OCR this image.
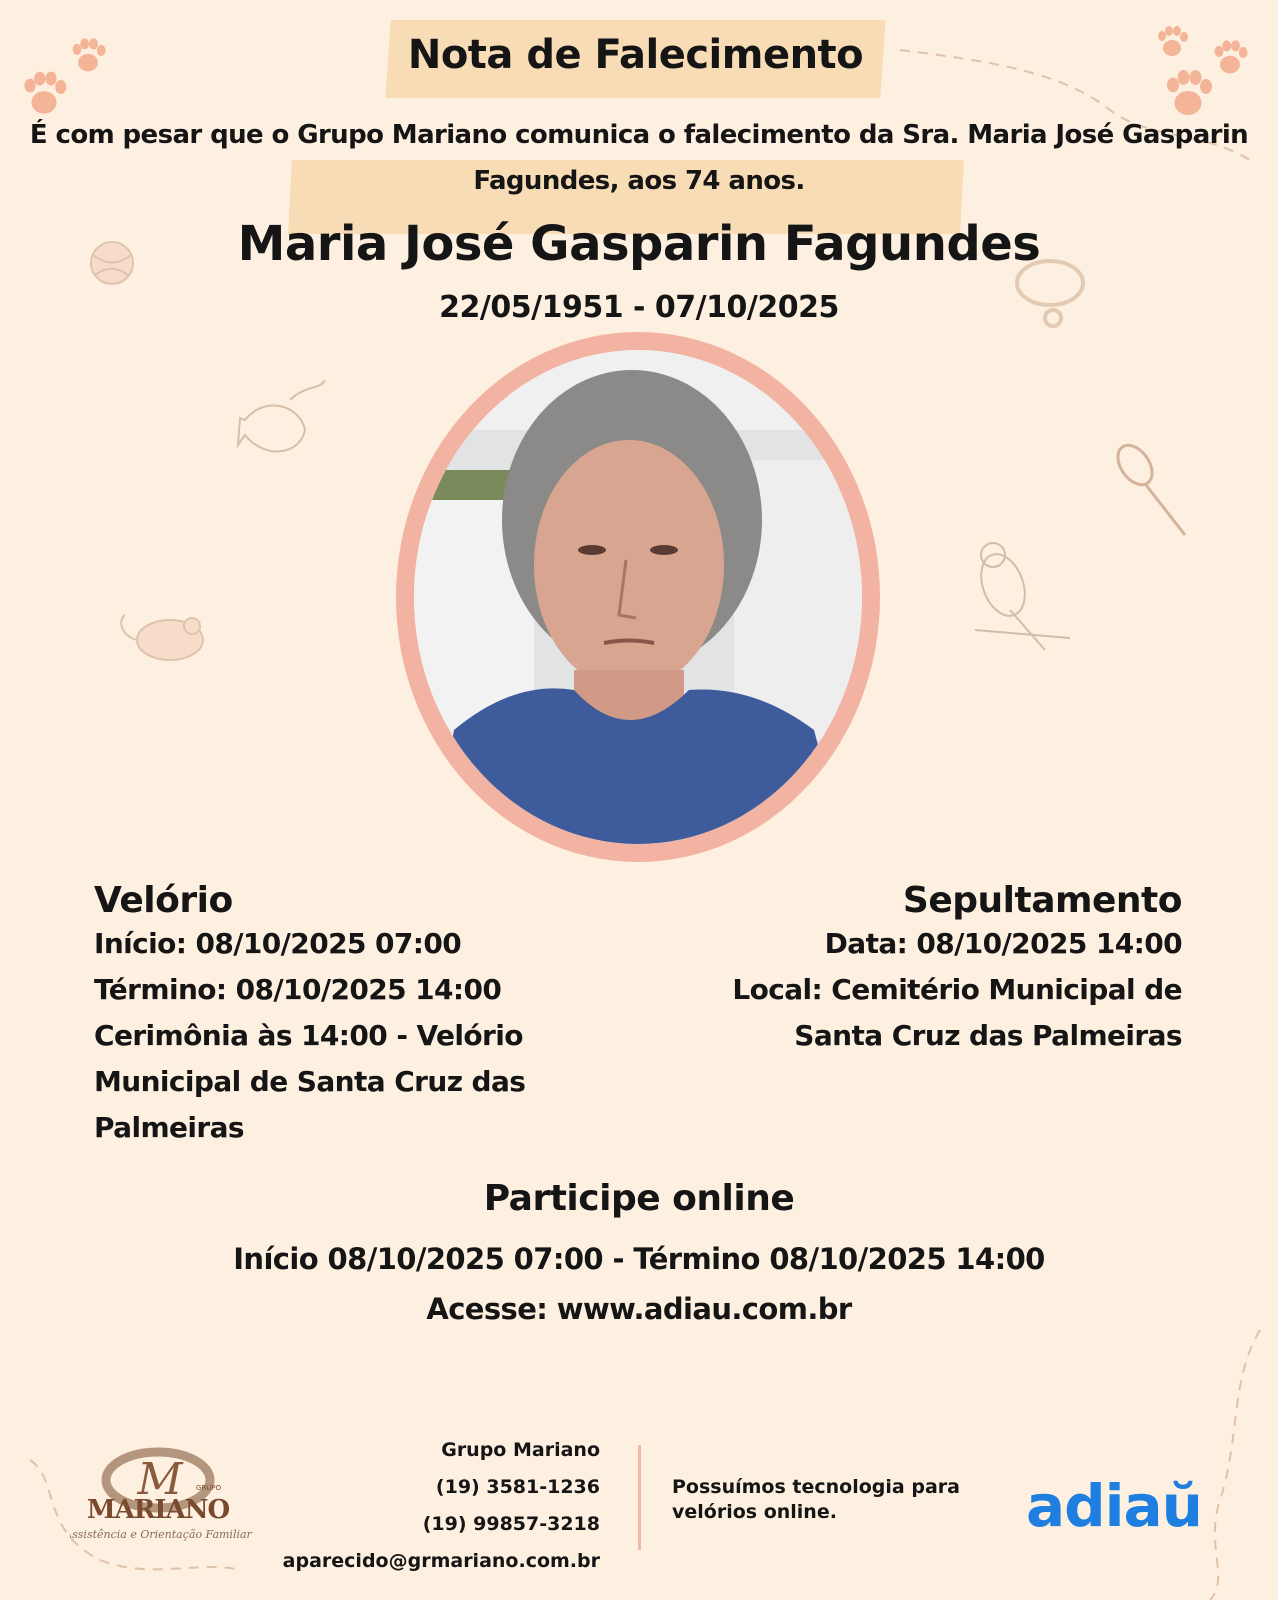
Nota de Falecimento
É com pesar que o Grupo Mariano comunica o falecimento da Sra. Maria José Gasparin Fagundes, aos 74 anos.
Maria José Gasparin Fagundes
22/05/1951 - 07/10/2025
Velório
Início: 08/10/2025 07:00
Término: 08/10/2025 14:00
Cerimônia às 14:00 - Velório Municipal de Santa Cruz das Palmeiras
Sepultamento
Data: 08/10/2025 14:00
Local: Cemitério Municipal de Santa Cruz das Palmeiras
Participe online
Início 08/10/2025 07:00 - Término 08/10/2025 14:00
Acesse: www.adiau.com.br
M GRUPO
MARIANO
Assistência e Orientação Familiar
Grupo Mariano
(19) 3581-1236
(19) 99857-3218
aparecido@grmariano.com.br
Possuímos tecnologia para velórios online.	adiaŭ
